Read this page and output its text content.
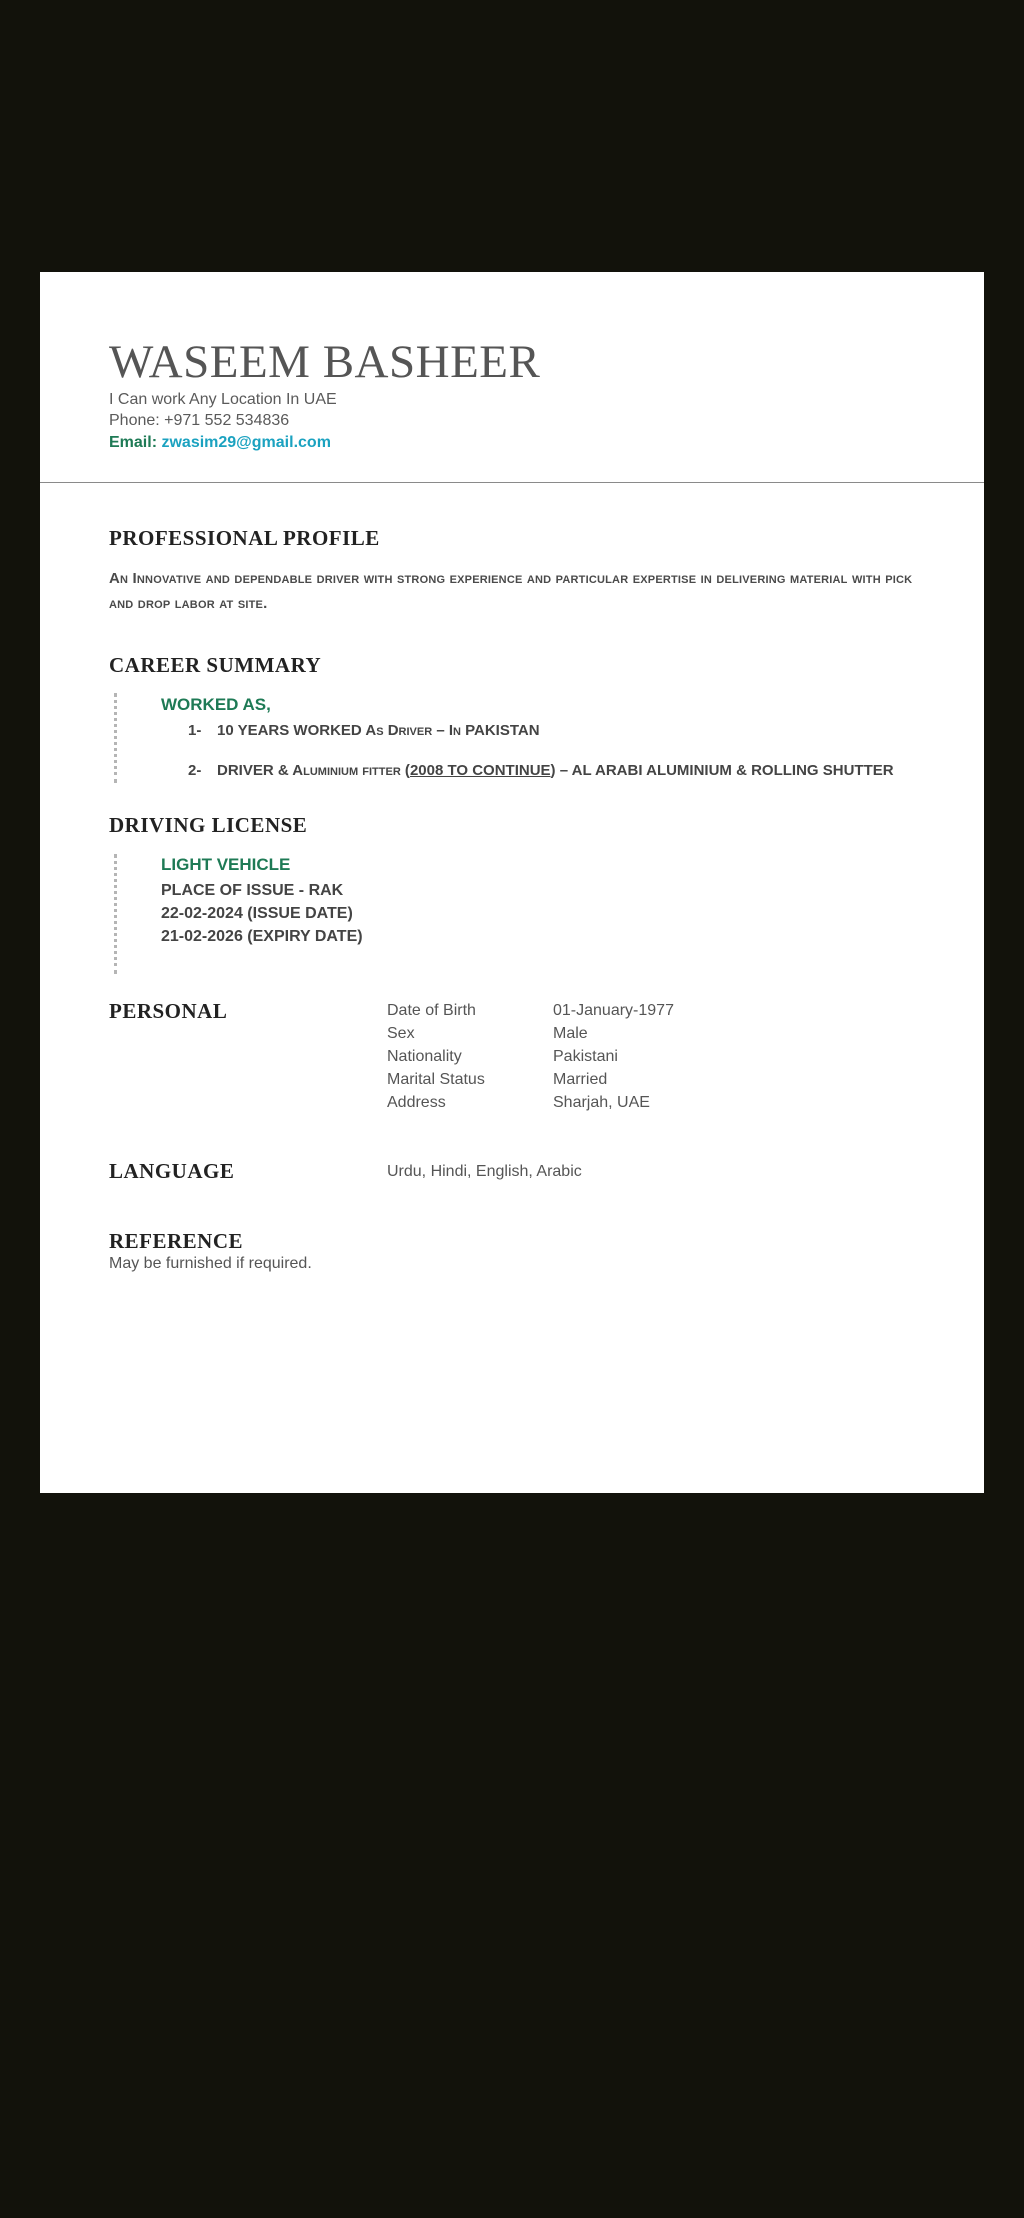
WASEEM BASHEER
I Can work Any Location In UAE
Phone: +971 552 534836
Email: zwasim29@gmail.com
PROFESSIONAL PROFILE
An Innovative and dependable driver with strong experience and particular expertise in delivering material with pick and drop labor at site.
CAREER SUMMARY
WORKED AS,
1- 10 YEARS WORKED As Driver – In PAKISTAN
2- DRIVER & Aluminium fitter (2008 TO CONTINUE) – AL ARABI ALUMINIUM & ROLLING SHUTTER
DRIVING LICENSE
LIGHT VEHICLE
PLACE OF ISSUE - RAK
22-02-2024 (ISSUE DATE)
21-02-2026 (EXPIRY DATE)
PERSONAL	Date of Birth	01-January-1977
Sex	Male
Nationality	Pakistani
Marital Status	Married
Address	Sharjah, UAE
LANGUAGE	Urdu, Hindi, English, Arabic
REFERENCE
May be furnished if required.
